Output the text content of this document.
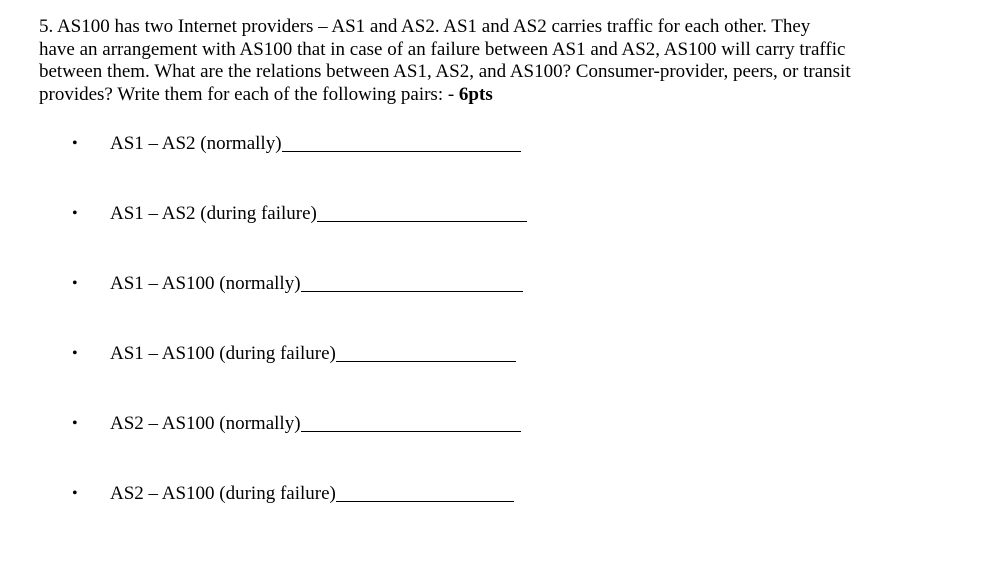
5. AS100 has two Internet providers – AS1 and AS2. AS1 and AS2 carries traffic for each other. They
have an arrangement with AS100 that in case of an failure between AS1 and AS2, AS100 will carry traffic
between them. What are the relations between AS1, AS2, and AS100? Consumer-provider, peers, or transit
provides? Write them for each of the following pairs: - 6pts
• AS1 – AS2 (normally)
• AS1 – AS2 (during failure)
• AS1 – AS100 (normally)
• AS1 – AS100 (during failure)
• AS2 – AS100 (normally)
• AS2 – AS100 (during failure)
